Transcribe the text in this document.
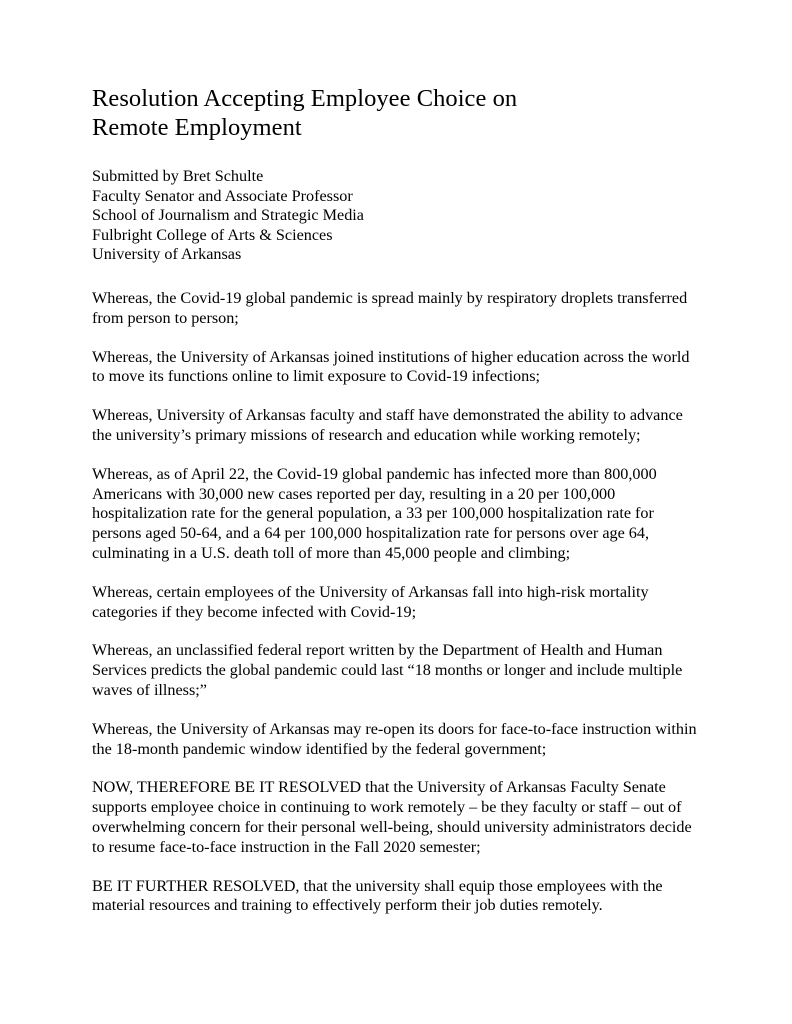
Resolution Accepting Employee Choice on Remote Employment
Submitted by Bret Schulte
Faculty Senator and Associate Professor
School of Journalism and Strategic Media
Fulbright College of Arts & Sciences
University of Arkansas

Whereas, the Covid-19 global pandemic is spread mainly by respiratory droplets transferred from person to person;

Whereas, the University of Arkansas joined institutions of higher education across the world to move its functions online to limit exposure to Covid-19 infections;

Whereas, University of Arkansas faculty and staff have demonstrated the ability to advance the university’s primary missions of research and education while working remotely;

Whereas, as of April 22, the Covid-19 global pandemic has infected more than 800,000 Americans with 30,000 new cases reported per day, resulting in a 20 per 100,000 hospitalization rate for the general population, a 33 per 100,000 hospitalization rate for persons aged 50-64, and a 64 per 100,000 hospitalization rate for persons over age 64, culminating in a U.S. death toll of more than 45,000 people and climbing;

Whereas, certain employees of the University of Arkansas fall into high-risk mortality categories if they become infected with Covid-19;

Whereas, an unclassified federal report written by the Department of Health and Human Services predicts the global pandemic could last “18 months or longer and include multiple waves of illness;”

Whereas, the University of Arkansas may re-open its doors for face-to-face instruction within the 18-month pandemic window identified by the federal government;

NOW, THEREFORE BE IT RESOLVED that the University of Arkansas Faculty Senate supports employee choice in continuing to work remotely – be they faculty or staff – out of overwhelming concern for their personal well-being, should university administrators decide to resume face-to-face instruction in the Fall 2020 semester;

BE IT FURTHER RESOLVED, that the university shall equip those employees with the material resources and training to effectively perform their job duties remotely.
